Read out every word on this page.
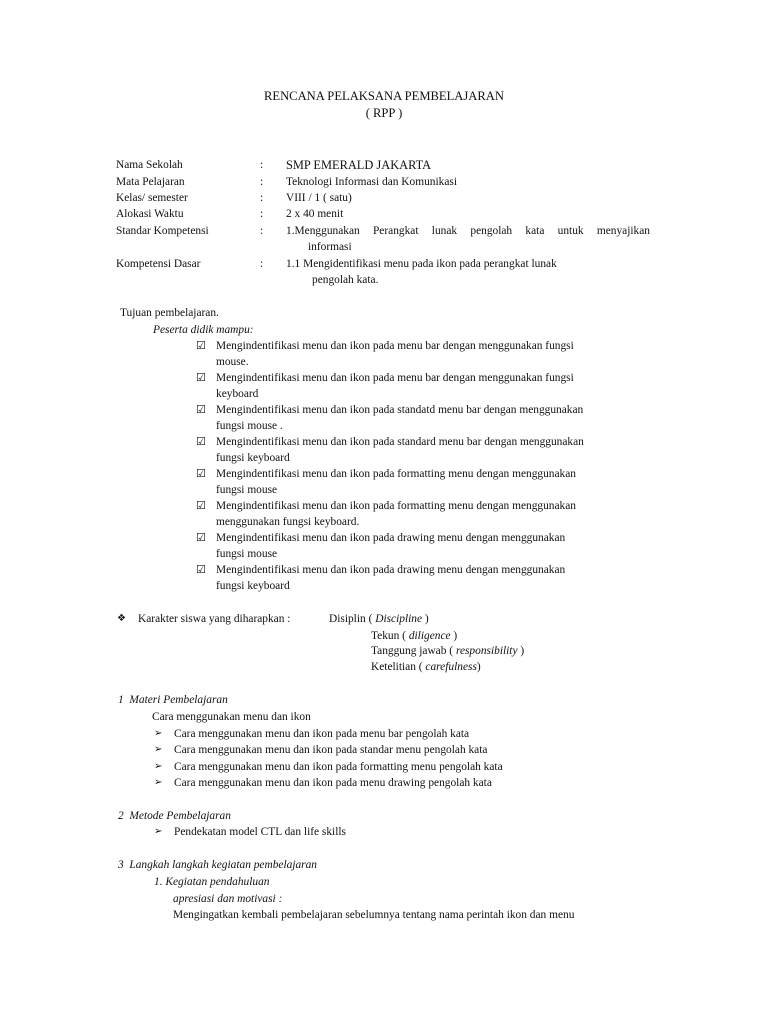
RENCANA PELAKSANA PEMBELAJARAN
( RPP )
Nama Sekolah	: SMP EMERALD JAKARTA
Mata Pelajaran	: Teknologi Informasi dan Komunikasi
Kelas/ semester	: VIII / 1 ( satu)
Alokasi Waktu	: 2 x 40 menit
Standar Kompetensi	: 1.Menggunakan Perangkat lunak pengolah kata untuk menyajikan
informasi
Kompetensi Dasar	: 1.1 Mengidentifikasi menu pada ikon pada perangkat lunak
pengolah kata.
Tujuan pembelajaran.
Peserta didik mampu:
☑ Mengindentifikasi menu dan ikon pada menu bar dengan menggunakan fungsi
mouse.
☑ Mengindentifikasi menu dan ikon pada menu bar dengan menggunakan fungsi
keyboard
☑ Mengindentifikasi menu dan ikon pada standatd menu bar dengan menggunakan
fungsi mouse .
☑ Mengindentifikasi menu dan ikon pada standard menu bar dengan menggunakan
fungsi keyboard
☑ Mengindentifikasi menu dan ikon pada formatting menu dengan menggunakan
fungsi mouse
☑ Mengindentifikasi menu dan ikon pada formatting menu dengan menggunakan
menggunakan fungsi keyboard.
☑ Mengindentifikasi menu dan ikon pada drawing menu dengan menggunakan
fungsi mouse
☑ Mengindentifikasi menu dan ikon pada drawing menu dengan menggunakan
fungsi keyboard
❖ Karakter siswa yang diharapkan :	Disiplin ( Discipline )
Tekun ( diligence )
Tanggung jawab ( responsibility )
Ketelitian ( carefulness)
1 Materi Pembelajaran
Cara menggunakan menu dan ikon
➢ Cara menggunakan menu dan ikon pada menu bar pengolah kata
➢ Cara menggunakan menu dan ikon pada standar menu pengolah kata
➢ Cara menggunakan menu dan ikon pada formatting menu pengolah kata
➢ Cara menggunakan menu dan ikon pada menu drawing pengolah kata
2 Metode Pembelajaran
➢ Pendekatan model CTL dan life skills
3 Langkah langkah kegiatan pembelajaran
1. Kegiatan pendahuluan
apresiasi dan motivasi :
Mengingatkan kembali pembelajaran sebelumnya tentang nama perintah ikon dan menu
